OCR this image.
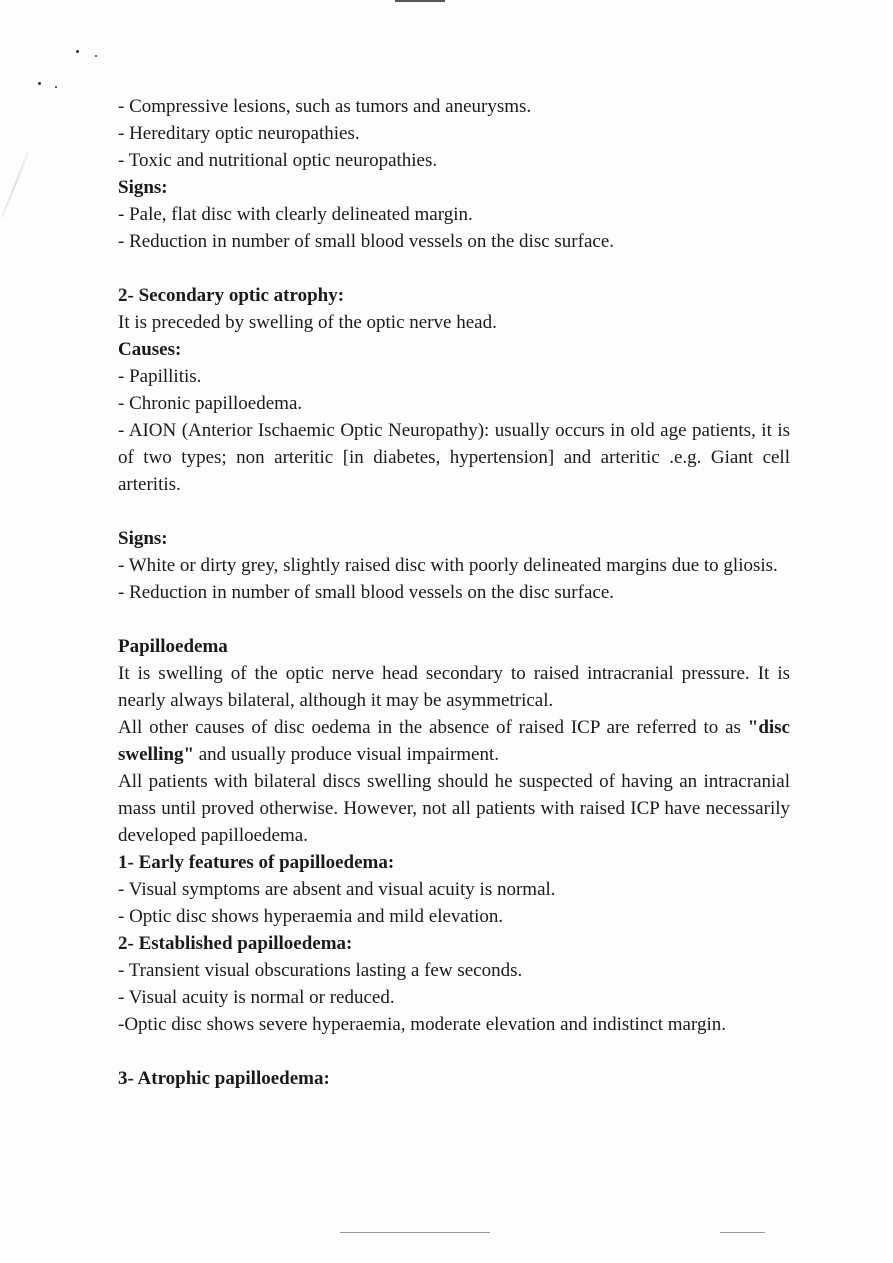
- Compressive lesions, such as tumors and aneurysms.
- Hereditary optic neuropathies.
- Toxic and nutritional optic neuropathies.
Signs:
- Pale, flat disc with clearly delineated margin.
- Reduction in number of small blood vessels on the disc surface.
2- Secondary optic atrophy:
It is preceded by swelling of the optic nerve head.
Causes:
- Papillitis.
- Chronic papilloedema.
- AION (Anterior Ischaemic Optic Neuropathy): usually occurs in old age patients, it is of two types; non arteritic [in diabetes, hypertension] and arteritic .e.g. Giant cell arteritis.
Signs:
- White or dirty grey, slightly raised disc with poorly delineated margins due to gliosis.
- Reduction in number of small blood vessels on the disc surface.
Papilloedema
It is swelling of the optic nerve head secondary to raised intracranial pressure. It is nearly always bilateral, although it may be asymmetrical.
All other causes of disc oedema in the absence of raised ICP are referred to as "disc swelling" and usually produce visual impairment.
All patients with bilateral discs swelling should he suspected of having an intracranial mass until proved otherwise. However, not all patients with raised ICP have necessarily developed papilloedema.
1- Early features of papilloedema:
- Visual symptoms are absent and visual acuity is normal.
- Optic disc shows hyperaemia and mild elevation.
2- Established papilloedema:
- Transient visual obscurations lasting a few seconds.
- Visual acuity is normal or reduced.
-Optic disc shows severe hyperaemia, moderate elevation and indistinct margin.
3- Atrophic papilloedema:
